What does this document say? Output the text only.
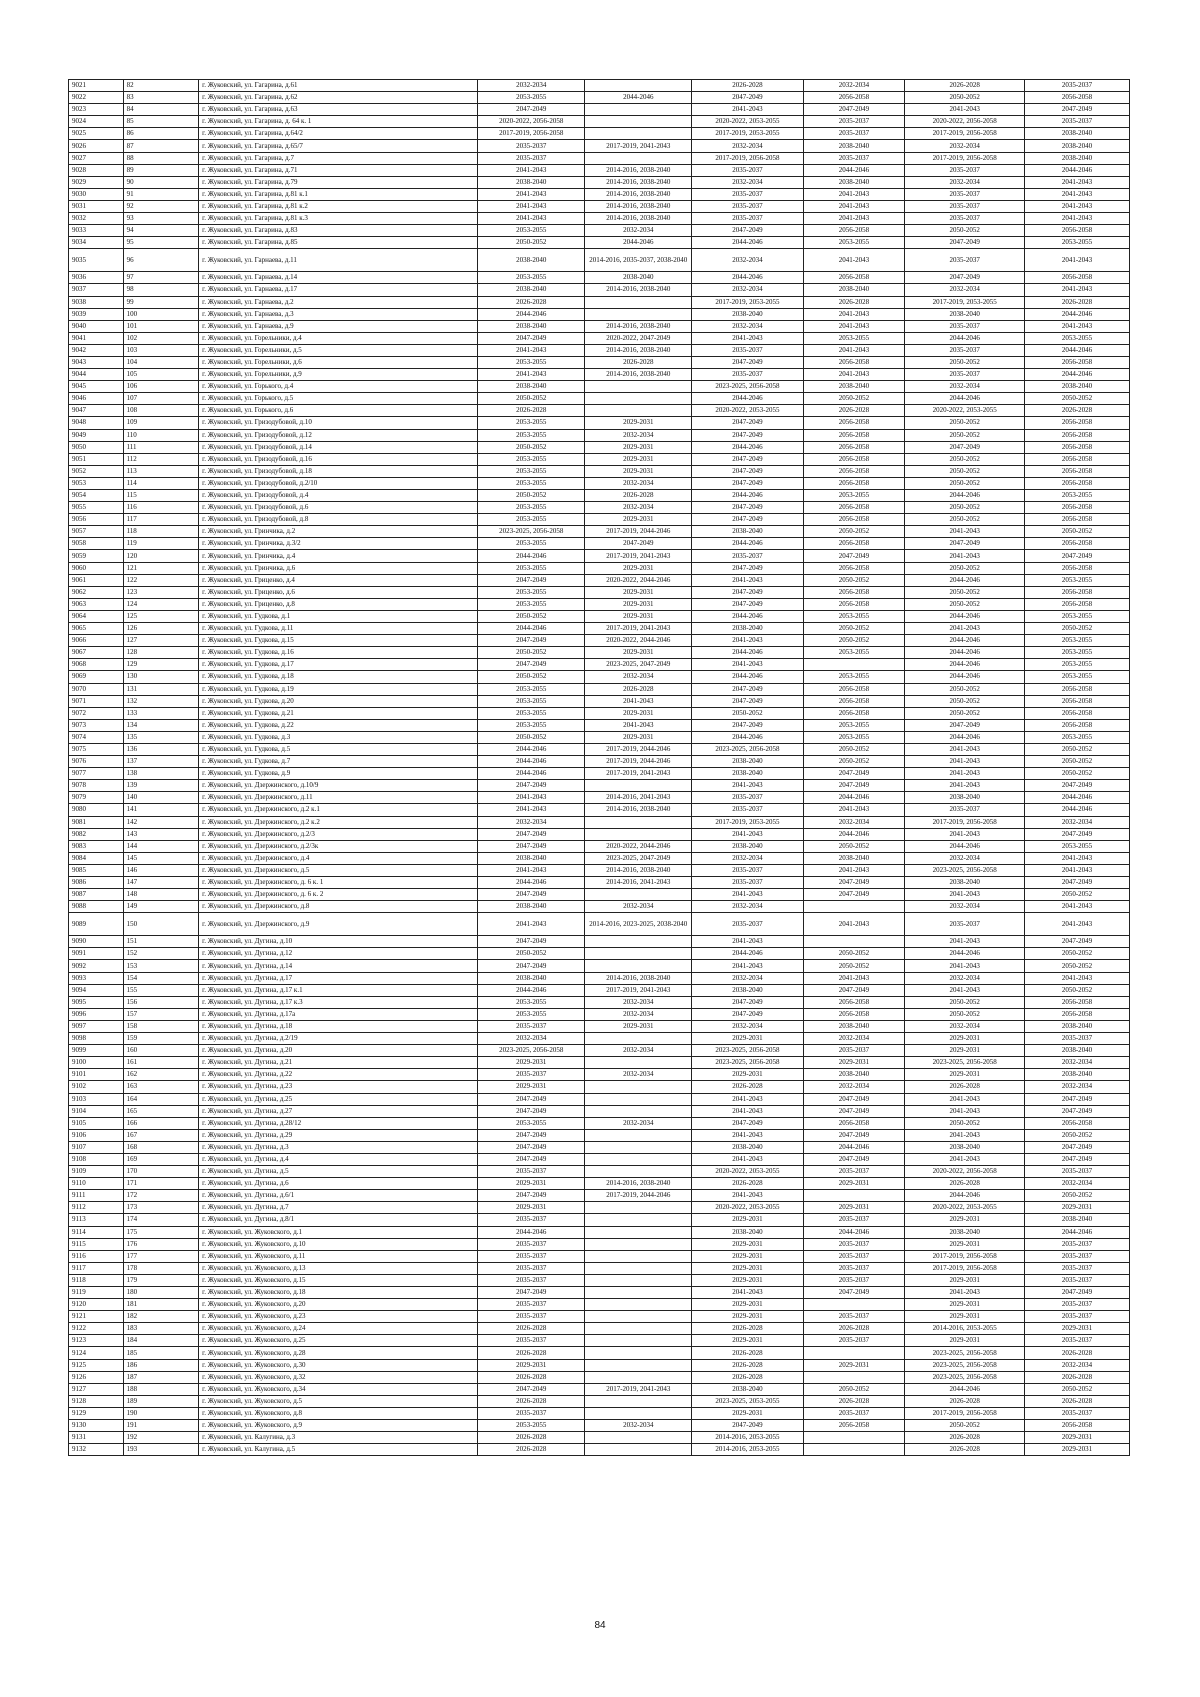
9021	82	г. Жуковский, ул. Гагарина, д.61	2032-2034		2026-2028	2032-2034	2026-2028	2035-2037
9022	83	г. Жуковский, ул. Гагарина, д.62	2053-2055	2044-2046	2047-2049	2056-2058	2050-2052	2056-2058
9023	84	г. Жуковский, ул. Гагарина, д.63	2047-2049		2041-2043	2047-2049	2041-2043	2047-2049
9024	85	г. Жуковский, ул. Гагарина, д. 64 к. 1	2020-2022, 2056-2058		2020-2022, 2053-2055	2035-2037	2020-2022, 2056-2058	2035-2037
9025	86	г. Жуковский, ул. Гагарина, д.64/2	2017-2019, 2056-2058		2017-2019, 2053-2055	2035-2037	2017-2019, 2056-2058	2038-2040
9026	87	г. Жуковский, ул. Гагарина, д.65/7	2035-2037	2017-2019, 2041-2043	2032-2034	2038-2040	2032-2034	2038-2040
9027	88	г. Жуковский, ул. Гагарина, д.7	2035-2037		2017-2019, 2056-2058	2035-2037	2017-2019, 2056-2058	2038-2040
9028	89	г. Жуковский, ул. Гагарина, д.71	2041-2043	2014-2016, 2038-2040	2035-2037	2044-2046	2035-2037	2044-2046
9029	90	г. Жуковский, ул. Гагарина, д.79	2038-2040	2014-2016, 2038-2040	2032-2034	2038-2040	2032-2034	2041-2043
9030	91	г. Жуковский, ул. Гагарина, д.81 к.1	2041-2043	2014-2016, 2038-2040	2035-2037	2041-2043	2035-2037	2041-2043
9031	92	г. Жуковский, ул. Гагарина, д.81 к.2	2041-2043	2014-2016, 2038-2040	2035-2037	2041-2043	2035-2037	2041-2043
9032	93	г. Жуковский, ул. Гагарина, д.81 к.3	2041-2043	2014-2016, 2038-2040	2035-2037	2041-2043	2035-2037	2041-2043
9033	94	г. Жуковский, ул. Гагарина, д.83	2053-2055	2032-2034	2047-2049	2056-2058	2050-2052	2056-2058
9034	95	г. Жуковский, ул. Гагарина, д.85	2050-2052	2044-2046	2044-2046	2053-2055	2047-2049	2053-2055
9035	96	г. Жуковский, ул. Гарнаева, д.11	2038-2040	2014-2016, 2035-2037, 2038-2040	2032-2034	2041-2043	2035-2037	2041-2043
9036	97	г. Жуковский, ул. Гарнаева, д.14	2053-2055	2038-2040	2044-2046	2056-2058	2047-2049	2056-2058
9037	98	г. Жуковский, ул. Гарнаева, д.17	2038-2040	2014-2016, 2038-2040	2032-2034	2038-2040	2032-2034	2041-2043
9038	99	г. Жуковский, ул. Гарнаева, д.2	2026-2028		2017-2019, 2053-2055	2026-2028	2017-2019, 2053-2055	2026-2028
9039	100	г. Жуковский, ул. Гарнаева, д.3	2044-2046		2038-2040	2041-2043	2038-2040	2044-2046
9040	101	г. Жуковский, ул. Гарнаева, д.9	2038-2040	2014-2016, 2038-2040	2032-2034	2041-2043	2035-2037	2041-2043
9041	102	г. Жуковский, ул. Горельники, д.4	2047-2049	2020-2022, 2047-2049	2041-2043	2053-2055	2044-2046	2053-2055
9042	103	г. Жуковский, ул. Горельники, д.5	2041-2043	2014-2016, 2038-2040	2035-2037	2041-2043	2035-2037	2044-2046
9043	104	г. Жуковский, ул. Горельники, д.6	2053-2055	2026-2028	2047-2049	2056-2058	2050-2052	2056-2058
9044	105	г. Жуковский, ул. Горельники, д.9	2041-2043	2014-2016, 2038-2040	2035-2037	2041-2043	2035-2037	2044-2046
9045	106	г. Жуковский, ул. Горького, д.4	2038-2040		2023-2025, 2056-2058	2038-2040	2032-2034	2038-2040
9046	107	г. Жуковский, ул. Горького, д.5	2050-2052		2044-2046	2050-2052	2044-2046	2050-2052
9047	108	г. Жуковский, ул. Горького, д.6	2026-2028		2020-2022, 2053-2055	2026-2028	2020-2022, 2053-2055	2026-2028
9048	109	г. Жуковский, ул. Гризодубовой, д.10	2053-2055	2029-2031	2047-2049	2056-2058	2050-2052	2056-2058
9049	110	г. Жуковский, ул. Гризодубовой, д.12	2053-2055	2032-2034	2047-2049	2056-2058	2050-2052	2056-2058
9050	111	г. Жуковский, ул. Гризодубовой, д.14	2050-2052	2029-2031	2044-2046	2056-2058	2047-2049	2056-2058
9051	112	г. Жуковский, ул. Гризодубовой, д.16	2053-2055	2029-2031	2047-2049	2056-2058	2050-2052	2056-2058
9052	113	г. Жуковский, ул. Гризодубовой, д.18	2053-2055	2029-2031	2047-2049	2056-2058	2050-2052	2056-2058
9053	114	г. Жуковский, ул. Гризодубовой, д.2/10	2053-2055	2032-2034	2047-2049	2056-2058	2050-2052	2056-2058
9054	115	г. Жуковский, ул. Гризодубовой, д.4	2050-2052	2026-2028	2044-2046	2053-2055	2044-2046	2053-2055
9055	116	г. Жуковский, ул. Гризодубовой, д.6	2053-2055	2032-2034	2047-2049	2056-2058	2050-2052	2056-2058
9056	117	г. Жуковский, ул. Гризодубовой, д.8	2053-2055	2029-2031	2047-2049	2056-2058	2050-2052	2056-2058
9057	118	г. Жуковский, ул. Гринчика, д.2	2023-2025, 2056-2058	2017-2019, 2044-2046	2038-2040	2050-2052	2041-2043	2050-2052
9058	119	г. Жуковский, ул. Гринчика, д.3/2	2053-2055	2047-2049	2044-2046	2056-2058	2047-2049	2056-2058
9059	120	г. Жуковский, ул. Гринчика, д.4	2044-2046	2017-2019, 2041-2043	2035-2037	2047-2049	2041-2043	2047-2049
9060	121	г. Жуковский, ул. Гринчика, д.6	2053-2055	2029-2031	2047-2049	2056-2058	2050-2052	2056-2058
9061	122	г. Жуковский, ул. Гриценко, д.4	2047-2049	2020-2022, 2044-2046	2041-2043	2050-2052	2044-2046	2053-2055
9062	123	г. Жуковский, ул. Гриценко, д.6	2053-2055	2029-2031	2047-2049	2056-2058	2050-2052	2056-2058
9063	124	г. Жуковский, ул. Гриценко, д.8	2053-2055	2029-2031	2047-2049	2056-2058	2050-2052	2056-2058
9064	125	г. Жуковский, ул. Гудкова, д.1	2050-2052	2029-2031	2044-2046	2053-2055	2044-2046	2053-2055
9065	126	г. Жуковский, ул. Гудкова, д.11	2044-2046	2017-2019, 2041-2043	2038-2040	2050-2052	2041-2043	2050-2052
9066	127	г. Жуковский, ул. Гудкова, д.15	2047-2049	2020-2022, 2044-2046	2041-2043	2050-2052	2044-2046	2053-2055
9067	128	г. Жуковский, ул. Гудкова, д.16	2050-2052	2029-2031	2044-2046	2053-2055	2044-2046	2053-2055
9068	129	г. Жуковский, ул. Гудкова, д.17	2047-2049	2023-2025, 2047-2049	2041-2043		2044-2046	2053-2055
9069	130	г. Жуковский, ул. Гудкова, д.18	2050-2052	2032-2034	2044-2046	2053-2055	2044-2046	2053-2055
9070	131	г. Жуковский, ул. Гудкова, д.19	2053-2055	2026-2028	2047-2049	2056-2058	2050-2052	2056-2058
9071	132	г. Жуковский, ул. Гудкова, д.20	2053-2055	2041-2043	2047-2049	2056-2058	2050-2052	2056-2058
9072	133	г. Жуковский, ул. Гудкова, д.21	2053-2055	2029-2031	2050-2052	2056-2058	2050-2052	2056-2058
9073	134	г. Жуковский, ул. Гудкова, д.22	2053-2055	2041-2043	2047-2049	2053-2055	2047-2049	2056-2058
9074	135	г. Жуковский, ул. Гудкова, д.3	2050-2052	2029-2031	2044-2046	2053-2055	2044-2046	2053-2055
9075	136	г. Жуковский, ул. Гудкова, д.5	2044-2046	2017-2019, 2044-2046	2023-2025, 2056-2058	2050-2052	2041-2043	2050-2052
9076	137	г. Жуковский, ул. Гудкова, д.7	2044-2046	2017-2019, 2044-2046	2038-2040	2050-2052	2041-2043	2050-2052
9077	138	г. Жуковский, ул. Гудкова, д.9	2044-2046	2017-2019, 2041-2043	2038-2040	2047-2049	2041-2043	2050-2052
9078	139	г. Жуковский, ул. Дзержинского, д.10/9	2047-2049		2041-2043	2047-2049	2041-2043	2047-2049
9079	140	г. Жуковский, ул. Дзержинского, д.11	2041-2043	2014-2016, 2041-2043	2035-2037	2044-2046	2038-2040	2044-2046
9080	141	г. Жуковский, ул. Дзержинского, д.2 к.1	2041-2043	2014-2016, 2038-2040	2035-2037	2041-2043	2035-2037	2044-2046
9081	142	г. Жуковский, ул. Дзержинского, д.2 к.2	2032-2034		2017-2019, 2053-2055	2032-2034	2017-2019, 2056-2058	2032-2034
9082	143	г. Жуковский, ул. Дзержинского, д.2/3	2047-2049		2041-2043	2044-2046	2041-2043	2047-2049
9083	144	г. Жуковский, ул. Дзержинского, д.2/3к	2047-2049	2020-2022, 2044-2046	2038-2040	2050-2052	2044-2046	2053-2055
9084	145	г. Жуковский, ул. Дзержинского, д.4	2038-2040	2023-2025, 2047-2049	2032-2034	2038-2040	2032-2034	2041-2043
9085	146	г. Жуковский, ул. Дзержинского, д.5	2041-2043	2014-2016, 2038-2040	2035-2037	2041-2043	2023-2025, 2056-2058	2041-2043
9086	147	г. Жуковский, ул. Дзержинского, д. 6 к. 1	2044-2046	2014-2016, 2041-2043	2035-2037	2047-2049	2038-2040	2047-2049
9087	148	г. Жуковский, ул. Дзержинского, д. 6 к. 2	2047-2049		2041-2043	2047-2049	2041-2043	2050-2052
9088	149	г. Жуковский, ул. Дзержинского, д.8	2038-2040	2032-2034	2032-2034		2032-2034	2041-2043
9089	150	г. Жуковский, ул. Дзержинского, д.9	2041-2043	2014-2016, 2023-2025, 2038-2040	2035-2037	2041-2043	2035-2037	2041-2043
9090	151	г. Жуковский, ул. Дугина, д.10	2047-2049		2041-2043		2041-2043	2047-2049
9091	152	г. Жуковский, ул. Дугина, д.12	2050-2052		2044-2046	2050-2052	2044-2046	2050-2052
9092	153	г. Жуковский, ул. Дугина, д.14	2047-2049		2041-2043	2050-2052	2041-2043	2050-2052
9093	154	г. Жуковский, ул. Дугина, д.17	2038-2040	2014-2016, 2038-2040	2032-2034	2041-2043	2032-2034	2041-2043
9094	155	г. Жуковский, ул. Дугина, д.17 к.1	2044-2046	2017-2019, 2041-2043	2038-2040	2047-2049	2041-2043	2050-2052
9095	156	г. Жуковский, ул. Дугина, д.17 к.3	2053-2055	2032-2034	2047-2049	2056-2058	2050-2052	2056-2058
9096	157	г. Жуковский, ул. Дугина, д.17а	2053-2055	2032-2034	2047-2049	2056-2058	2050-2052	2056-2058
9097	158	г. Жуковский, ул. Дугина, д.18	2035-2037	2029-2031	2032-2034	2038-2040	2032-2034	2038-2040
9098	159	г. Жуковский, ул. Дугина, д.2/19	2032-2034		2029-2031	2032-2034	2029-2031	2035-2037
9099	160	г. Жуковский, ул. Дугина, д.20	2023-2025, 2056-2058	2032-2034	2023-2025, 2056-2058	2035-2037	2029-2031	2038-2040
9100	161	г. Жуковский, ул. Дугина, д.21	2029-2031		2023-2025, 2056-2058	2029-2031	2023-2025, 2056-2058	2032-2034
9101	162	г. Жуковский, ул. Дугина, д.22	2035-2037	2032-2034	2029-2031	2038-2040	2029-2031	2038-2040
9102	163	г. Жуковский, ул. Дугина, д.23	2029-2031		2026-2028	2032-2034	2026-2028	2032-2034
9103	164	г. Жуковский, ул. Дугина, д.25	2047-2049		2041-2043	2047-2049	2041-2043	2047-2049
9104	165	г. Жуковский, ул. Дугина, д.27	2047-2049		2041-2043	2047-2049	2041-2043	2047-2049
9105	166	г. Жуковский, ул. Дугина, д.28/12	2053-2055	2032-2034	2047-2049	2056-2058	2050-2052	2056-2058
9106	167	г. Жуковский, ул. Дугина, д.29	2047-2049		2041-2043	2047-2049	2041-2043	2050-2052
9107	168	г. Жуковский, ул. Дугина, д.3	2047-2049		2038-2040	2044-2046	2038-2040	2047-2049
9108	169	г. Жуковский, ул. Дугина, д.4	2047-2049		2041-2043	2047-2049	2041-2043	2047-2049
9109	170	г. Жуковский, ул. Дугина, д.5	2035-2037		2020-2022, 2053-2055	2035-2037	2020-2022, 2056-2058	2035-2037
9110	171	г. Жуковский, ул. Дугина, д.6	2029-2031	2014-2016, 2038-2040	2026-2028	2029-2031	2026-2028	2032-2034
9111	172	г. Жуковский, ул. Дугина, д.6/1	2047-2049	2017-2019, 2044-2046	2041-2043		2044-2046	2050-2052
9112	173	г. Жуковский, ул. Дугина, д.7	2029-2031		2020-2022, 2053-2055	2029-2031	2020-2022, 2053-2055	2029-2031
9113	174	г. Жуковский, ул. Дугина, д.8/1	2035-2037		2029-2031	2035-2037	2029-2031	2038-2040
9114	175	г. Жуковский, ул. Жуковского, д.1	2044-2046		2038-2040	2044-2046	2038-2040	2044-2046
9115	176	г. Жуковский, ул. Жуковского, д.10	2035-2037		2029-2031	2035-2037	2029-2031	2035-2037
9116	177	г. Жуковский, ул. Жуковского, д.11	2035-2037		2029-2031	2035-2037	2017-2019, 2056-2058	2035-2037
9117	178	г. Жуковский, ул. Жуковского, д.13	2035-2037		2029-2031	2035-2037	2017-2019, 2056-2058	2035-2037
9118	179	г. Жуковский, ул. Жуковского, д.15	2035-2037		2029-2031	2035-2037	2029-2031	2035-2037
9119	180	г. Жуковский, ул. Жуковского, д.18	2047-2049		2041-2043	2047-2049	2041-2043	2047-2049
9120	181	г. Жуковский, ул. Жуковского, д.20	2035-2037		2029-2031		2029-2031	2035-2037
9121	182	г. Жуковский, ул. Жуковского, д.23	2035-2037		2029-2031	2035-2037	2029-2031	2035-2037
9122	183	г. Жуковский, ул. Жуковского, д.24	2026-2028		2026-2028	2026-2028	2014-2016, 2053-2055	2029-2031
9123	184	г. Жуковский, ул. Жуковского, д.25	2035-2037		2029-2031	2035-2037	2029-2031	2035-2037
9124	185	г. Жуковский, ул. Жуковского, д.28	2026-2028		2026-2028		2023-2025, 2056-2058	2026-2028
9125	186	г. Жуковский, ул. Жуковского, д.30	2029-2031		2026-2028	2029-2031	2023-2025, 2056-2058	2032-2034
9126	187	г. Жуковский, ул. Жуковского, д.32	2026-2028		2026-2028		2023-2025, 2056-2058	2026-2028
9127	188	г. Жуковский, ул. Жуковского, д.34	2047-2049	2017-2019, 2041-2043	2038-2040	2050-2052	2044-2046	2050-2052
9128	189	г. Жуковский, ул. Жуковского, д.5	2026-2028		2023-2025, 2053-2055	2026-2028	2026-2028	2026-2028
9129	190	г. Жуковский, ул. Жуковского, д.8	2035-2037		2029-2031	2035-2037	2017-2019, 2056-2058	2035-2037
9130	191	г. Жуковский, ул. Жуковского, д.9	2053-2055	2032-2034	2047-2049	2056-2058	2050-2052	2056-2058
9131	192	г. Жуковский, ул. Калугина, д.3	2026-2028		2014-2016, 2053-2055		2026-2028	2029-2031
9132	193	г. Жуковский, ул. Калугина, д.5	2026-2028		2014-2016, 2053-2055		2026-2028	2029-2031
84
